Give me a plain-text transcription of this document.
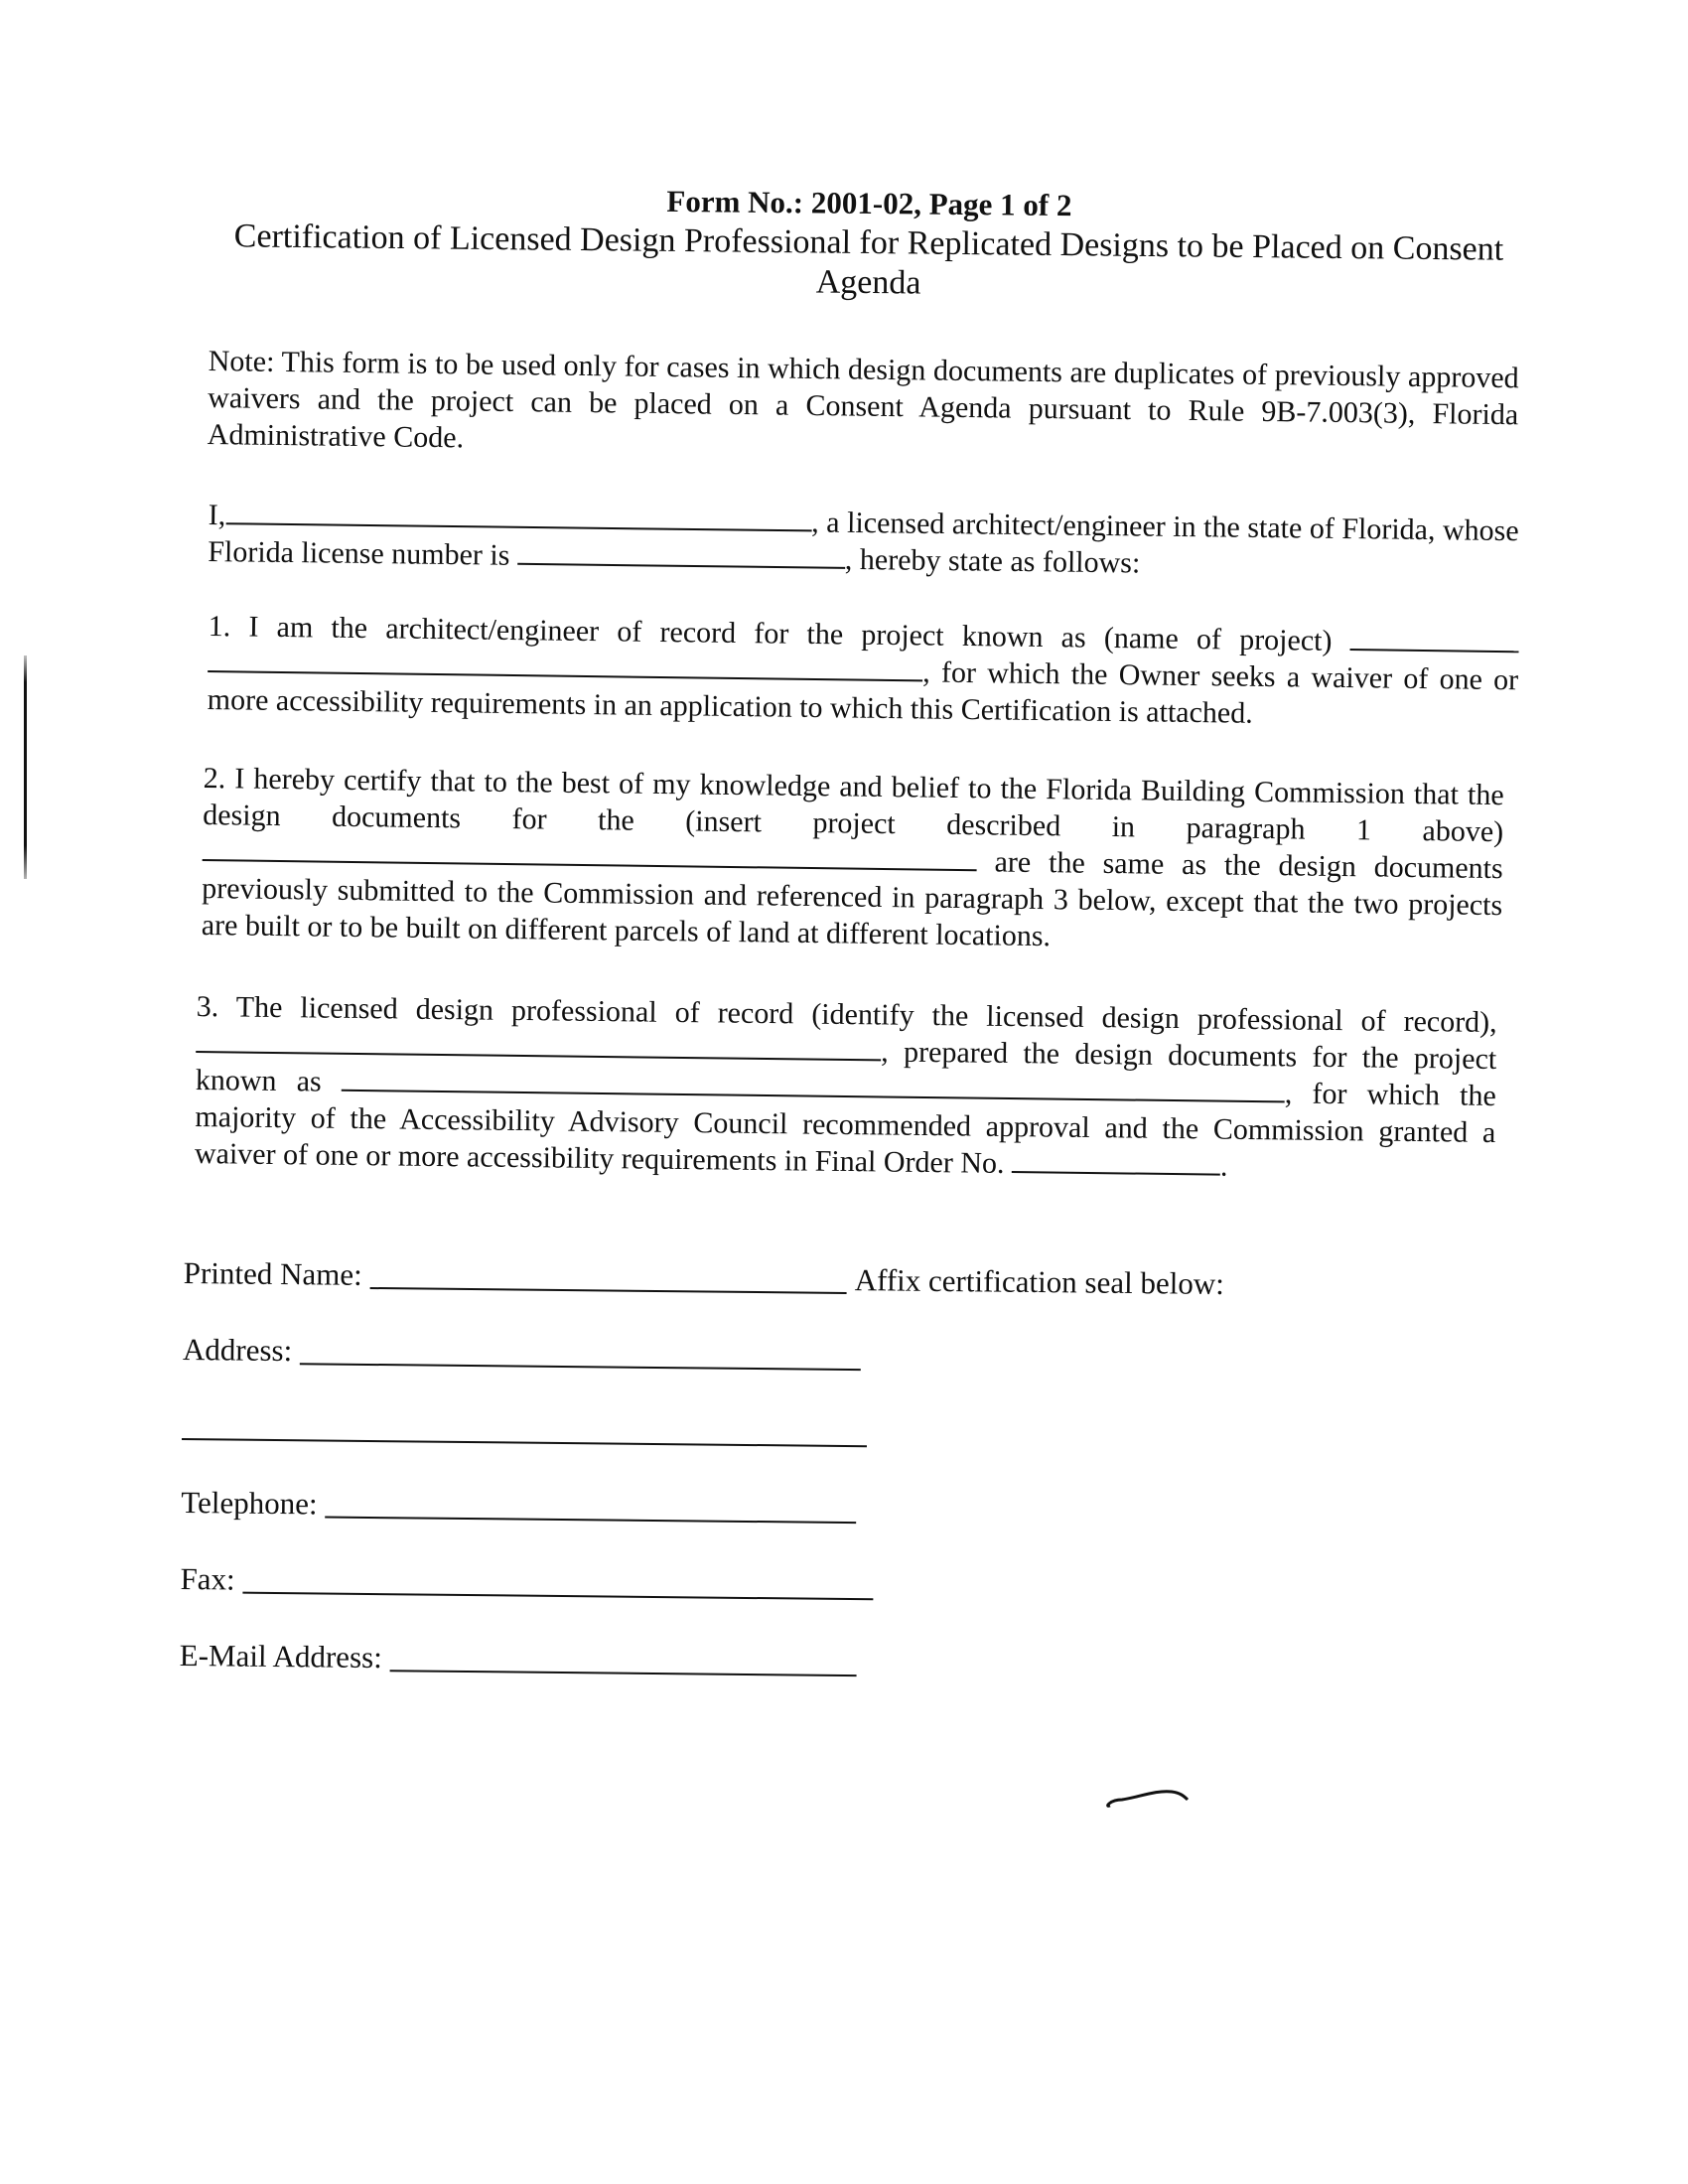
Form No.: 2001-02, Page 1 of 2
Certification of Licensed Design Professional for Replicated Designs to be Placed on Consent Agenda
Note: This form is to be used only for cases in which design documents are duplicates of previously approved waivers and the project can be placed on a Consent Agenda pursuant to Rule 9B-7.003(3), Florida Administrative Code.
I,	, a licensed architect/engineer in the state of Florida, whose Florida license number is	, hereby state as follows:
1. I am the architect/engineer of record for the project known as (name of project)  , for which the Owner seeks a waiver of one or more accessibility requirements in an application to which this Certification is attached.
2. I hereby certify that to the best of my knowledge and belief to the Florida Building Commission that the design documents for the (insert project described in paragraph 1 above) are the same as the design documents previously submitted to the Commission and referenced in paragraph 3 below, except that the two projects are built or to be built on different parcels of land at different locations.
3. The licensed design professional of record (identify the licensed design professional of record), , prepared the design documents for the project known as	, for which the majority of the Accessibility Advisory Council recommended approval and the Commission granted a waiver of one or more accessibility requirements in Final Order No.	.
Printed Name:	Affix certification seal below:
Address:
Telephone:
Fax:
E-Mail Address:
